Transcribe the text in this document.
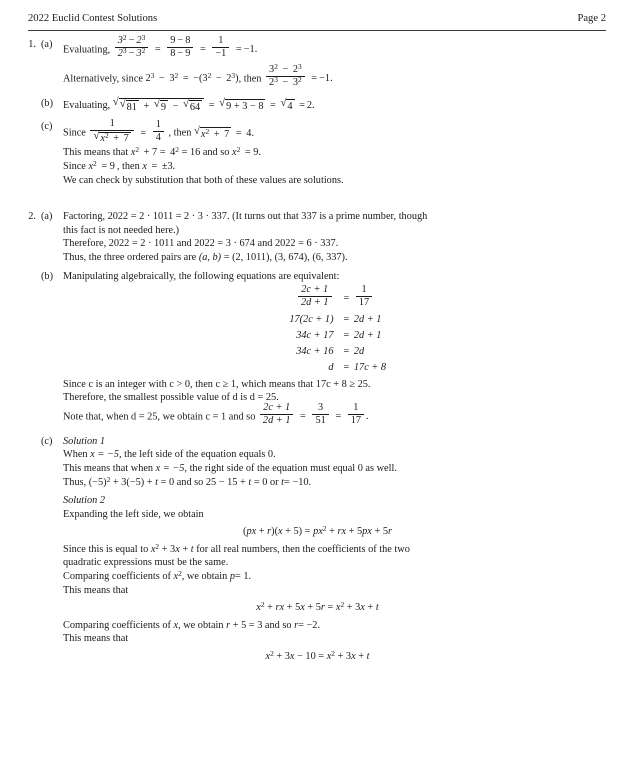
2022 Euclid Contest Solutions	Page 2
1. (a)	Evaluating, $\frac{3^2 - 2^3}{2^3 - 3^2} = \frac{9 - 8}{8 - 9} = \frac{1}{-1} = -1$.
Alternatively, since $2^3 - 3^2 = -(3^2 - 2^3)$, then $\frac{3^2 - 2^3}{2^3 - 3^2} = -1$.
(b) Evaluating, √ √ 81 + √ 9 − √ 64 = √ 9 + 3 − 8 = √ 4 = 2.
(c)
Since $\frac{1}{√ x^2 + 7} = \frac{1}{4}$ , then √ $x^2 + 7 = 4$.
This means that $x^2 + 7 = 4^2 = 16$ and so $x^2 = 9$.
Since $x^2 = 9$ , then x = ±3.
We can check by substitution that both of these values are solutions.
2. (a)	Factoring, 2022 = 2 · 1011 = 2 · 3 · 337. (It turns out that 337 is a prime number, though
this fact is not needed here.)
Therefore, 2022 = 2 · 1011 and 2022 = 3 · 674 and 2022 = 6 · 337.
Thus, the three ordered pairs are (a, b) = (2, 1011), (3, 674), (6, 337).
(b) Manipulating algebraically, the following equations are equivalent:
$\frac{2c + 1}{2d + 1}$	= $\frac{1}{17}$
17(2c + 1) = 2d + 1
34c + 17 = 2d + 1
34c + 16 = 2d
d = 17c + 8
Since c is an integer with c > 0, then c ≥ 1, which means that 17c + 8 ≥ 25.
Therefore, the smallest possible value of d is d = 25.
Note that, when d = 25, we obtain c = 1 and so $\frac{2c + 1}{2d + 1} = \frac{3}{51} = \frac{1}{17}$ .
(c)	Solution 1
When x = −5, the left side of the equation equals 0.
This means that when x = −5, the right side of the equation must equal 0 as well.
Thus, $(-5)^2 + 3(-5) + t = 0$ and so 25 − 15 + t = 0 or t= −10.
Solution 2
Expanding the left side, we obtain
$(px + r)(x + 5) = px^2$ + rx + 5px + 5r
Since this is equal to $x^2 + 3x + t$ for all real numbers, then the coefficients of the two
quadratic expressions must be the same.
Comparing coefficients of $x^2$, we obtain p= 1.
This means that
$x^2$ + rx + $5x + 5r = x^2 + 3x + t$
Comparing coefficients of x, we obtain r + 5 = 3 and so r= −2.
This means that
$x^2 + 3x - 10 = x^2 + 3x + t$
